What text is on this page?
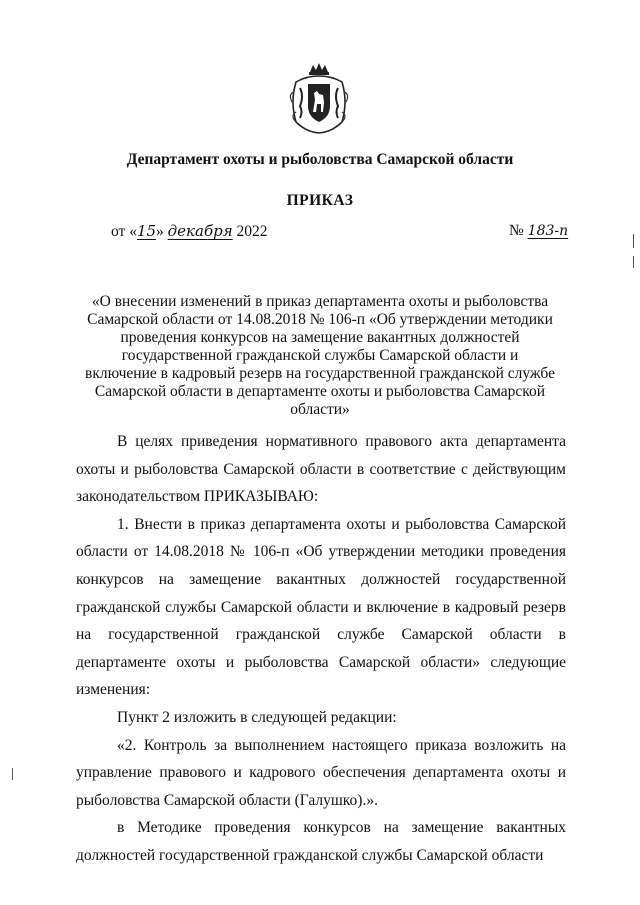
Департамент охоты и рыболовства Самарской области
ПРИКАЗ
от «15» декабря 2022	№ 183-п
«О внесении изменений в приказ департамента охоты и рыболовства Самарской области от 14.08.2018 № 106-п «Об утверждении методики проведения конкурсов на замещение вакантных должностей государственной гражданской службы Самарской области и включение в кадровый резерв на государственной гражданской службе Самарской области в департаменте охоты и рыболовства Самарской области»

В целях приведения нормативного правового акта департамента охоты и рыболовства Самарской области в соответствие с действующим законодательством ПРИКАЗЫВАЮ:

1. Внести в приказ департамента охоты и рыболовства Самарской области от 14.08.2018 № 106-п «Об утверждении методики проведения конкурсов на замещение вакантных должностей государственной гражданской службы Самарской области и включение в кадровый резерв на государственной гражданской службе Самарской области в департаменте охоты и рыболовства Самарской области» следующие изменения:

Пункт 2 изложить в следующей редакции:

«2. Контроль за выполнением настоящего приказа возложить на управление правового и кадрового обеспечения департамента охоты и рыболовства Самарской области (Галушко).».

в Методике проведения конкурсов на замещение вакантных должностей государственной гражданской службы Самарской области
